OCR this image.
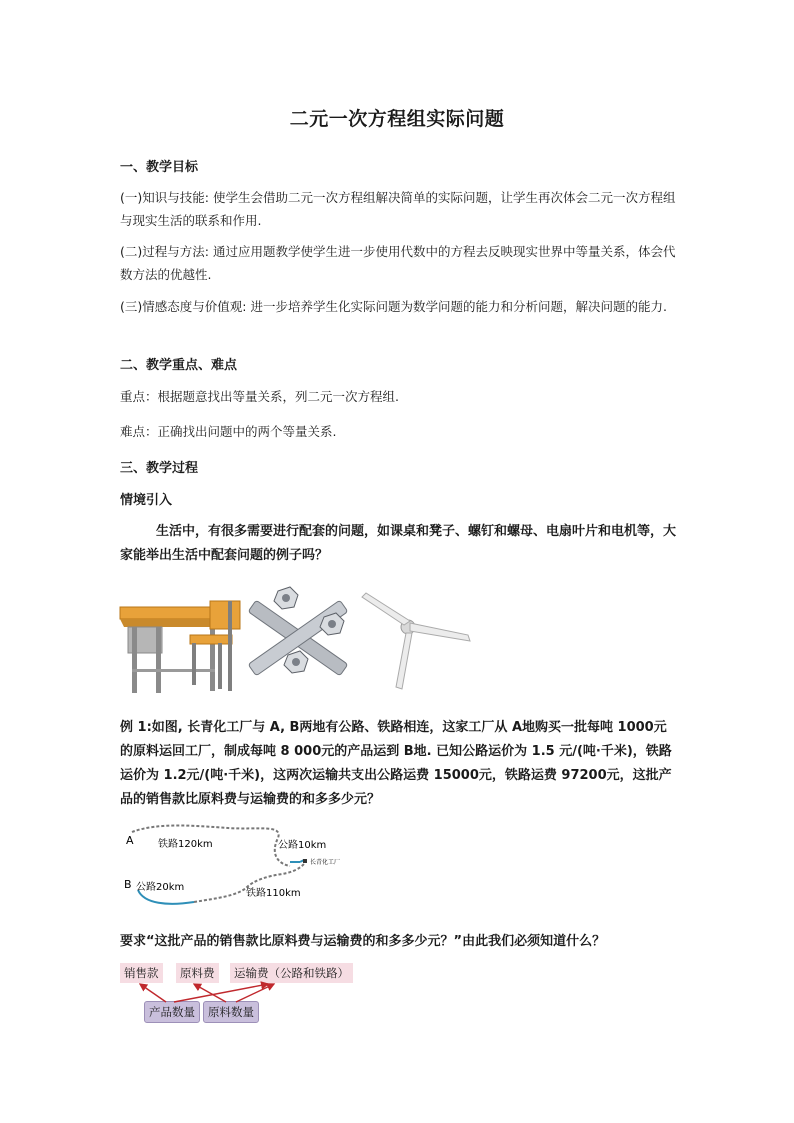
二元一次方程组实际问题
一、教学目标
(一)知识与技能: 使学生会借助二元一次方程组解决简单的实际问题，让学生再次体会二元一次方程组与现实生活的联系和作用.
(二)过程与方法: 通过应用题教学使学生进一步使用代数中的方程去反映现实世界中等量关系，体会代数方法的优越性.
(三)情感态度与价值观: 进一步培养学生化实际问题为数学问题的能力和分析问题，解决问题的能力.
二、教学重点、难点
重点：根据题意找出等量关系，列二元一次方程组.
难点：正确找出问题中的两个等量关系.
三、教学过程
情境引入
生活中，有很多需要进行配套的问题，如课桌和凳子、螺钉和螺母、电扇叶片和电机等，大家能举出生活中配套问题的例子吗？
例 1:如图, 长青化工厂与 A, B两地有公路、铁路相连，这家工厂从 A地购买一批每吨 1000元的原料运回工厂，制成每吨 8 000元的产品运到 B地. 已知公路运价为 1.5 元/(吨·千米)，铁路运价为 1.2元/(吨·千米)，这两次运输共支出公路运费 15000元，铁路运费 97200元，这批产品的销售款比原料费与运输费的和多多少元？
A
B
长青化工厂
铁路120km	公路10km
公路20km
铁路110km
要求“这批产品的销售款比原料费与运输费的和多多少元？”由此我们必须知道什么？
销售款	原料费	运输费（公路和铁路）
产品数量	原料数量
